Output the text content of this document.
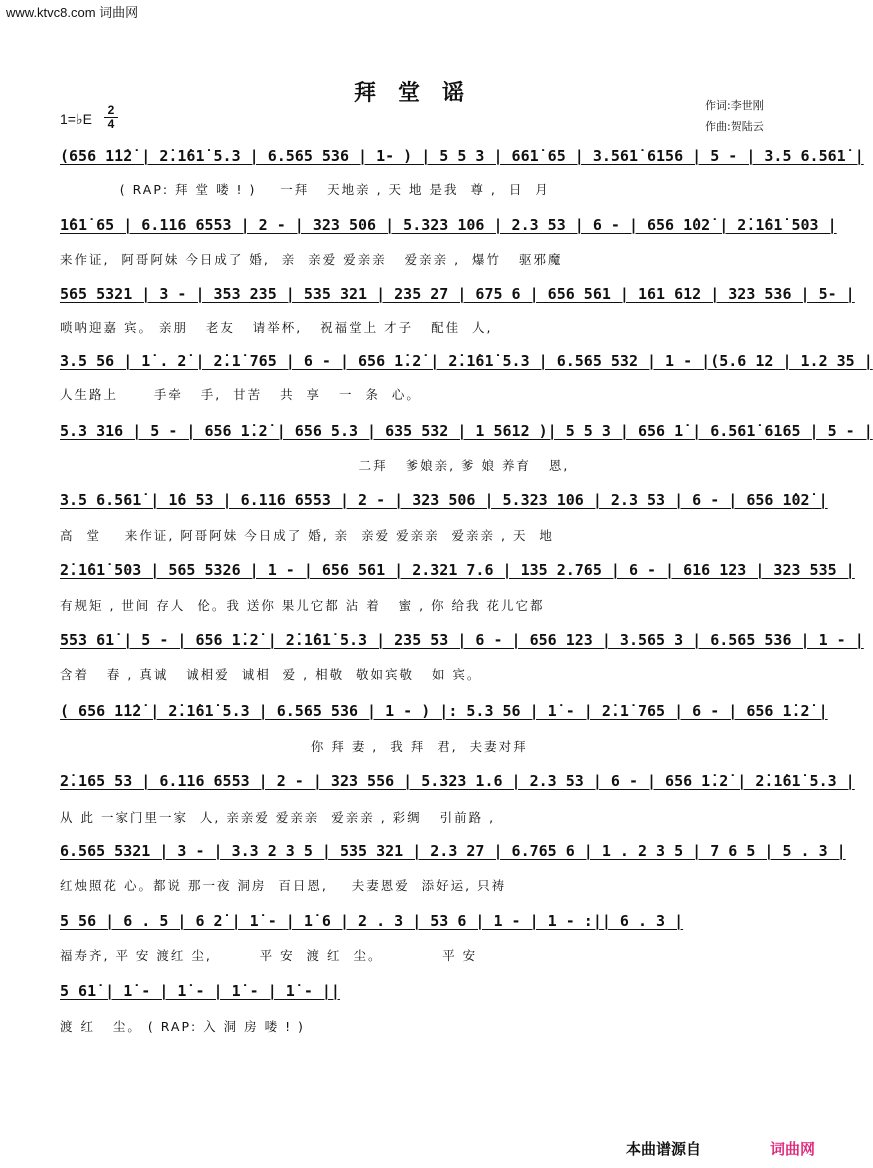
www.ktvc8.com 词曲网
拜堂谣	作词:李世刚
作曲:贺陆云
1=♭E
2
4
(656 1̇1̇2̇ | 2̇.1̇61̇ 5.3 | 6.565 536 | 1- ) | 5 5 3 | 661̇ 65 | 3.561̇ 6156 | 5 - | 3.5 6.561̇ |
( RAP: 拜 堂 喽 ! )    一拜   天地亲 , 天 地 是我  尊 ,  日  月
1̇61̇ 65 | 6.116 6553 | 2 - | 323 506 | 5.323 106 | 2.3 53 | 6 - | 656 1̇02̇ | 2̇.1̇61̇ 503 |
来作证,  阿哥阿妹 今日成了 婚,  亲  亲爱 爱亲亲   爱亲亲 ,  爆竹   驱邪魔
565 5321 | 3 - | 353 235 | 535 321 | 235 27 | 675 6 | 656 561 | 161 612 | 323 536 | 5- |
唢呐迎嘉 宾。 亲朋   老友   请举杯,   祝福堂上 才子   配佳  人,
3.5 56 | 1̇ . 2̇ | 2̇.1̇ 765 | 6 - | 656 1̇.2̇ | 2̇.1̇61̇ 5.3 | 6.565 532 | 1 - |(5.6 12 | 1.2 35 |
人生路上      手牵   手,  甘苦   共  享   一  条  心。
5.3 316 | 5 - | 656 1̇.2̇ | 656 5.3 | 635 532 | 1 5612 )| 5 5 3 | 656 1̇ | 6.561̇ 6165 | 5 - |
二拜   爹娘亲, 爹 娘 养育   恩,
3.5 6.561̇ | 1̇6 53 | 6.116 6553 | 2 - | 323 506 | 5.323 106 | 2.3 53 | 6 - | 656 1̇02̇ |
高  堂    来作证, 阿哥阿妹 今日成了 婚, 亲  亲爱 爱亲亲  爱亲亲 , 天  地
2̇.1̇61̇ 503 | 565 5326 | 1 - | 656 561 | 2.321 7.6 | 135 2.765 | 6 - | 616 123 | 323 535 |
有规矩 , 世间 存人  伦。我 送你 果儿它都 沾 着   蜜 , 你 给我 花儿它都
553 61̇ | 5 - | 656 1̇.2̇ | 2̇.1̇61̇ 5.3 | 235 53 | 6 - | 656 123 | 3.565 3 | 6.565 536 | 1 - |
含着   春 , 真诚   诚相爱  诚相  爱 , 相敬  敬如宾敬   如 宾。
( 656 1̇1̇2̇ | 2̇.1̇61̇ 5.3 | 6.565 536 | 1 - ) |: 5.3 56 | 1̇ - | 2̇.1̇ 765 | 6 - | 656 1̇.2̇ |
你 拜 妻 ,  我 拜  君,  夫妻对拜
2̇.165 53 | 6.116 6553 | 2 - | 323 556 | 5.323 1.6 | 2.3 53 | 6 - | 656 1̇.2̇ | 2̇.1̇61̇ 5.3 |
从 此 一家门里一家  人, 亲亲爱 爱亲亲  爱亲亲 , 彩绸   引前路 ,
6.565 5321 | 3 - | 3.3 2 3 5 | 535 321 | 2.3 27 | 6.765 6 | 1 . 2 3 5 | 7 6 5 | 5 . 3 |
红烛照花 心。都说 那一夜 洞房  百日恩,    夫妻恩爱  添好运, 只祷
5 56 | 6 . 5 | 6 2̇ | 1̇ - | 1̇ 6 | 2 . 3 | 53 6 | 1 - | 1 - :|| 6 . 3 |
福寿齐, 平 安 渡红 尘,        平 安  渡 红  尘。          平 安
5 61̇ | 1̇ - | 1̇ - | 1̇ - | 1̇ - ||
渡 红   尘。 ( RAP: 入 洞 房 喽 ! )
本曲谱源自	词曲网
